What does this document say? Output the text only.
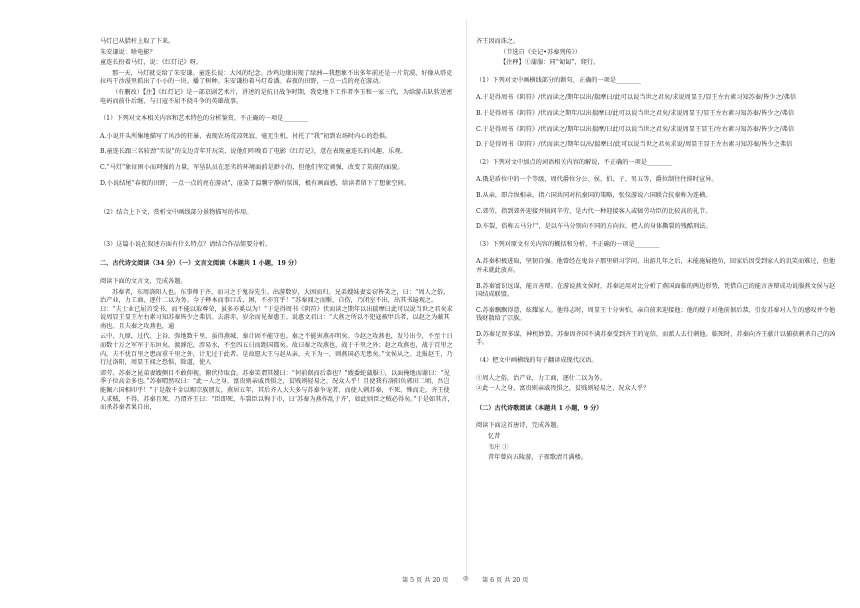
马灯已从腊杆上取了下来。

朱安谦说：啥电影？

童连长扮着马灯，说：《红灯记》呀。

那一天，马灯就交给了朱安谦。童连长说：大风的纪念。沙鸡边缘出现了绿洲—我想象不出多年前还是一片荒漠，好像从塔克拉玛干沙漠里抓出了小小的一块。播了树种。朱安谦扮着马灯看潘。春夜的田野，一点一点的亮在游动。

（有删改）【注】《红灯记》是一部京剧艺术片，讲述的是抗日战争时期，我党地下工作者李玉和一家三代，为给游击队转送密电码而前仆后继、与日寇不屈不挠斗争的英雄故事。

（1）下列对文本相关内容和艺术特色的分析鉴赏，不正确的一项是________

A.小说开头所集地描写了风沙的狂暴，表现农场荒凉死寂、毫无生机，衬托了“我”初到农场时内心的恐惧。

B.童连长跟三名较劲“实说”的支边青年开玩笑，说他们咋晚看了电影《红灯记》，意在表现童连长的风趣、乐观。

C.“马灯”象征困小而珂强的力量，军垦队员在恶劣的环境面前是渺小的，但他们坚定顽强，改变了荒漠的面貌。

D.小说结尾“春夜的田野，一点一点的亮在游动”，渲染了温馨宁静的氛围，极有画面感，给读者留下了想象空间。

（2）结合上下文，赏析文中画线部分景物描写的作用。

（3）这篇小说在叙述方面有什么特点？请结合作品简要分析。

二、古代诗文阅读（34 分）（一）文言文阅读（本题共 1 小题，19 分）

阅读下面的文言文，完成各题。

苏秦者，东周洛阳人也。东事师于齐，而习之于鬼谷先生。出游数岁，大困而归。兄弟嫂妹妻妾窃皆笑之，曰：“周人之俗，治产业，力工商，逐什二以为务。今子释本而事口舌，困，不亦宜乎！”苏秦闻之而惭，自伤，乃闭室不出，出其书遍观之。曰：“夫士业已屈首受书，而不能以取尊荣，虽多亦奚以为！”于是得周书《阴符》伏而读之期年以出揣摩曰此可以说当世之君矣求说周显王显王左右素习知苏秦皆少之弗信。去游赤，岁余而见秦惠王。说惠文君曰：“大燕之所以不犯寇被甲兵者，以赵之为蔽其南也。且夫秦之攻燕也，逾

云中、九原，过代、上谷，弥地数千里，虽得燕城，秦计固不能守也。秦之不能害燕亦明矣。今赵之攻燕也，发号出令，不至十日而数十万之军军于东垣矣。渡滹沱，涉易水，不至四五日而距国都矣。故曰秦之攻燕也，战于千里之外；赵之攻燕也，战于百里之内。夫不忧百里之患而重千里之外，计无过于此者。是故愿大王与赵从亲，天下为一，则燕国必无患矣。”文侯从之。北报赵王，乃行过洛阳，周显王闻之恐惧，除道，使人

郊劳。苏秦之昆弟妻嫂侧目不敢仰视，俯伏侍取食。苏秦笑谓其嫂曰：“何前倨而后恭也？”嫂委蛇蒲服①，以面掩地而谢曰：“见季子位高金多也。”苏秦喟然叹曰：“此一人之身，富贵则亲戚畏惧之，贫贱则轻易之，况众人乎！且使我有洛阳负郭田二顷，吾岂能佩六国相印乎！”于是散千金以赐宗族朋友。燕居五年，其后齐人大夫多与苏秦争宠者，而使人刺苏秦，不死，殊而走。齐王使人求贼，不得。苏秦且死，乃谓齐王曰：“臣即死，车裂臣以徇于市，曰‘苏秦为燕作乱于齐’，如此则臣之贼必得矣。”于是如其言，而杀苏秦者果自出，

齐王因而诛之。

（节选自《史记•苏秦列传》）

【注释】①蒲服：同“匍匐”，爬行。

（1）下列对文中画横线部分的断句，正确的一项是________

A.于是得周书《阴符》/伏而读之/期年以出/揣摩曰/此可以说当世之君矣/求说周显王/显王左右素习知苏秦/皆少之/弗信

B.于是得周书《阴符》/伏而读之期年/以出揣摩曰/此可以说当世之君矣/求说周显王/显王左右素习知苏秦/皆少之/弗信

C.于是得周书《阴符》/伏而读之/期年以出揣摩/曰此可以说当世之君矣/求说周显王显王/左右素习知苏秦/皆少之/弗信

D.于是得周书《阴符》/伏而读之/期年以出/揣摩曰/此可以说当世之君矣求说/周显王显王左右素习知苏秦/皆少之弗信

（2）下列对文中加点的词语相关内容的解说，不正确的一项是________

A.俄是盾位中的一个等级，周代爵位分公、侯、伯、子、男五等，爵位制往往排时宣异。

B.从亲，即合纵相亲，指六国共同对抗秦国的策略，张仪游说六国联合抗秦称为连横。

C.郊劳，指到郊外迎接并犒问辛劳，是古代一种迎接客人或犒劳功臣的比较高的礼节。

D.车裂，俗称五马分尸，是以车马分别向不同的方向拉，把人的身体撕裂的残酷刑法。

（3）下列对原文有关内容的概括和分析，不正确的一项是________

A.苏秦积极进取，坚韧自强。他曾经在鬼谷子那里研习学问，出游几年之后，未能施展抱负，回家后因受到家人的讥笑而难过，但他并未就此放弃。

B.苏秦富识远谋，能言善辩。在游说燕文侯时，苏秦运用对比分析了燕国面临的两边形势，凭借自己的能言善辩成功说服燕文侯与赵国结成联盟。

C.苏秦飘飘得意，炫耀家人。他得志时，周显王十分害怕，亲自前来迎接他；他的嫂子对他前倨后恭，引发苏秦对人生的感叹并令他钱财散给了宗族。

D.苏秦足智多谋，神机妙算。苏秦因齐国不满苏秦受到齐王的宠信，而派人去行刺他。临死时，苏秦向齐王献计以捕获刺杀自己的凶手。

（4）把文中画横线的句子翻译成现代汉语。

①周人之俗，治产业，力工商，逐什二以为务。

②此一人之身，富贵则亲戚畏惧之，贫贱则轻易之，况众人乎？

（二）古代诗歌阅读（本题共 1 小题，9 分）

阅读下面这首唐诗，完成各题。

忆昔

韦庄 ①

昔年曾向五陵游，子夜歌清月满楼。

第 5 页 共 20 页 ◎ 第 6 页 共 20 页
